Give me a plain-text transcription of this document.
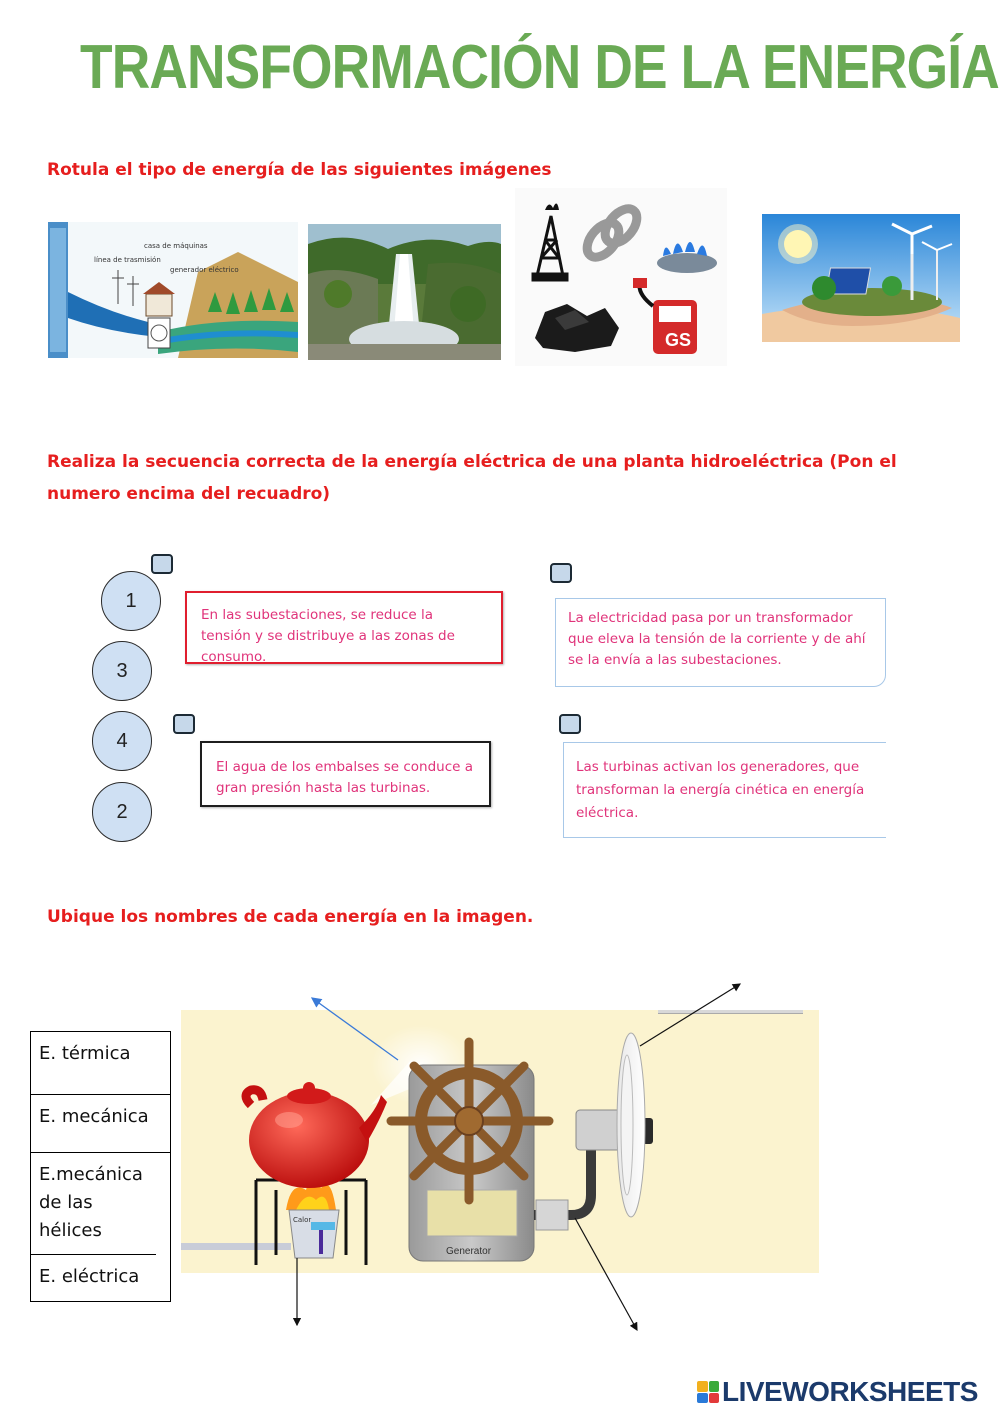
TRANSFORMACIÓN DE LA ENERGÍA
Rotula el tipo de energía de las siguientes imágenes
línea de trasmisión
casa de máquinas
generador eléctrico
GS
Realiza la secuencia correcta de la energía eléctrica de una planta hidroeléctrica (Pon el numero encima del recuadro)
1
3
4
2
En las subestaciones, se reduce la tensión y se distribuye a las zonas de consumo.
La electricidad pasa por un transformador que eleva la tensión de la corriente y de ahí se la envía a las subestaciones.
El agua de los embalses se conduce a gran presión hasta las turbinas.
Las turbinas activan los generadores, que transforman la energía cinética en energía eléctrica.
Ubique los nombres de cada energía en la imagen.
Calor
Generator
E. térmica
E. mecánica
E.mecánica de las hélices
E. eléctrica
LIVEWORKSHEETS
